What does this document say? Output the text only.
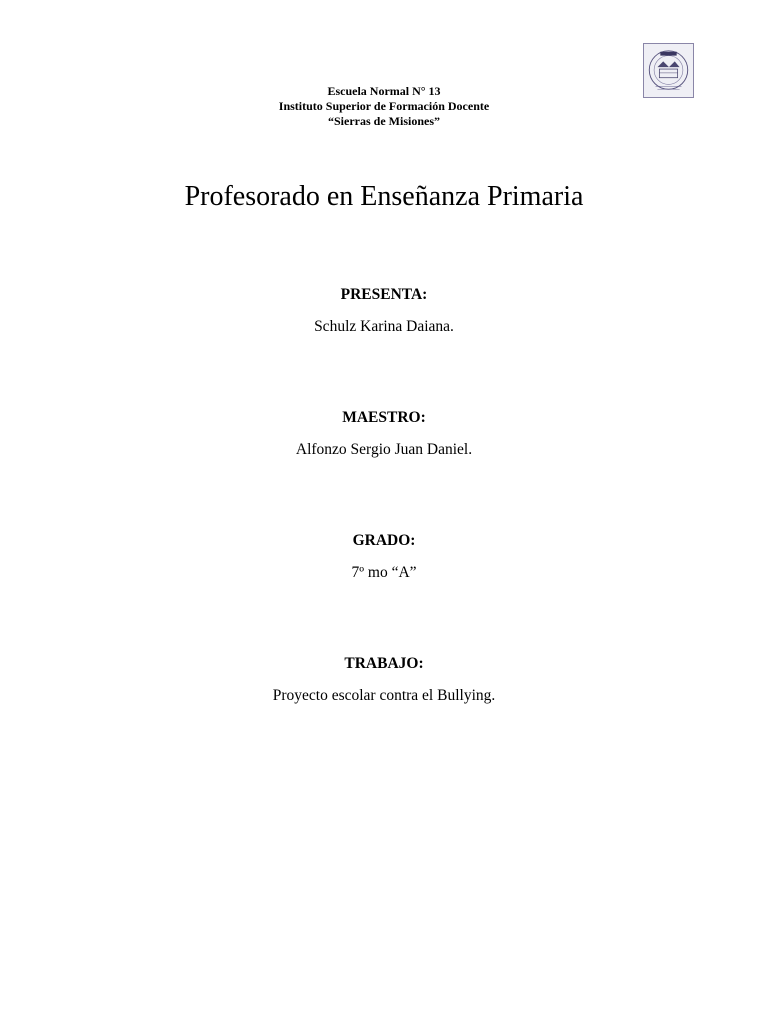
Escuela Normal N° 13
Instituto Superior de Formación Docente
“Sierras de Misiones”
Profesorado en Enseñanza Primaria
PRESENTA:
Schulz Karina Daiana.
MAESTRO:
Alfonzo Sergio Juan Daniel.
GRADO:
7º mo “A”
TRABAJO:
Proyecto escolar contra el Bullying.
